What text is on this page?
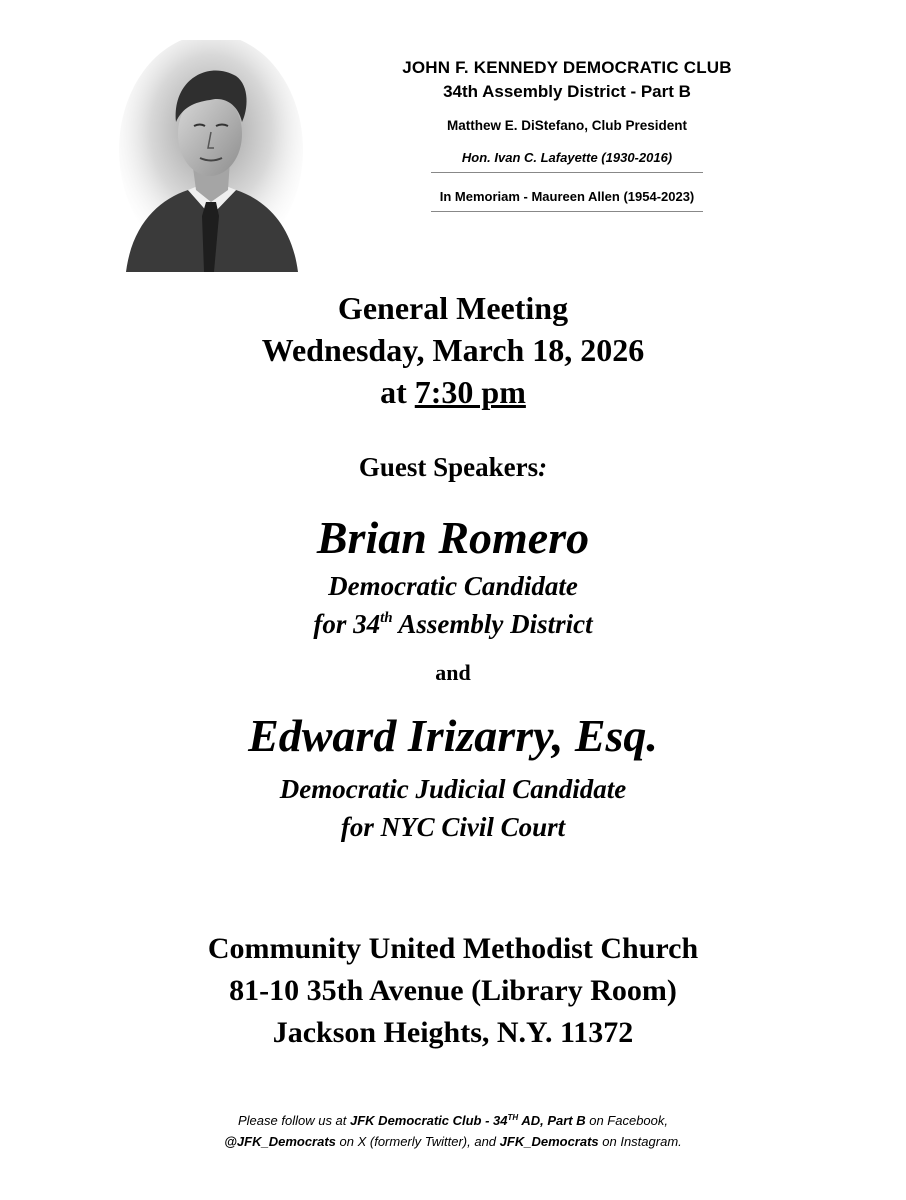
JOHN F. KENNEDY DEMOCRATIC CLUB
34th Assembly District - Part B
Matthew E. DiStefano, Club President
Hon. Ivan C. Lafayette (1930-2016)
In Memoriam - Maureen Allen (1954-2023)
General Meeting
Wednesday, March 18, 2026
at 7:30 pm
Guest Speakers:
Brian Romero
Democratic Candidate
for 34th Assembly District
and
Edward Irizarry, Esq.
Democratic Judicial Candidate
for NYC Civil Court
Community United Methodist Church
81-10 35th Avenue (Library Room)
Jackson Heights, N.Y. 11372
Please follow us at JFK Democratic Club - 34TH AD, Part B on Facebook,
@JFK_Democrats on X (formerly Twitter), and JFK_Democrats on Instagram.
